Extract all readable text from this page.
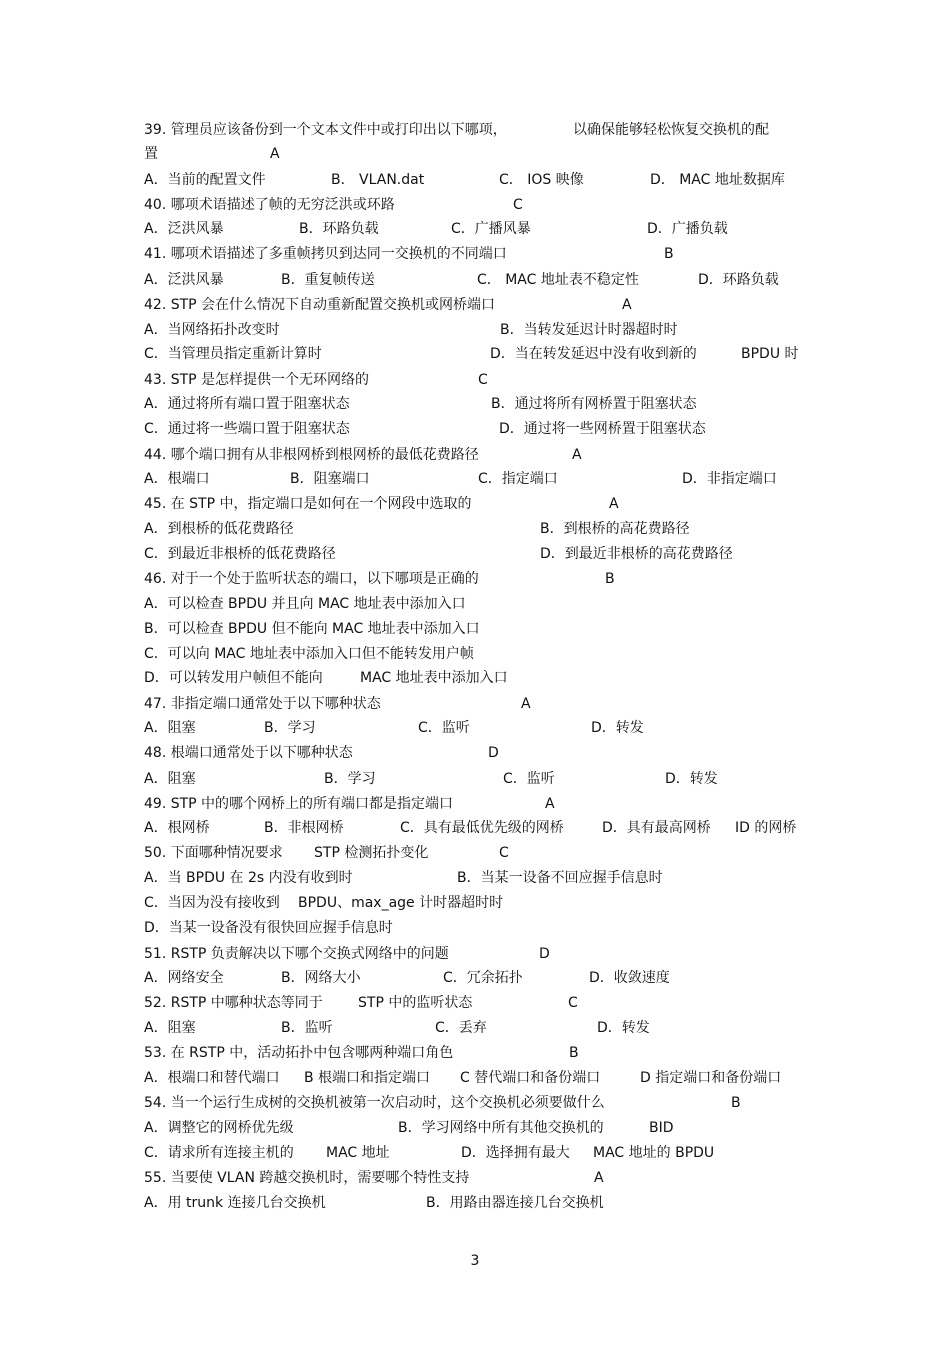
39. 管理员应该备份到一个文本文件中或打印出以下哪项，	以确保能够轻松恢复交换机的配
置	A
A．当前的配置文件	B． VLAN.dat	C． IOS 映像	D． MAC 地址数据库
40. 哪项术语描述了帧的无穷泛洪或环路	C
A．泛洪风暴	B．环路负载	C．广播风暴	D．广播负载
41. 哪项术语描述了多重帧拷贝到达同一交换机的不同端口	B
A．泛洪风暴	B．重复帧传送	C． MAC 地址表不稳定性	D．环路负载
42. STP 会在什么情况下自动重新配置交换机或网桥端口	A
A．当网络拓扑改变时	B．当转发延迟计时器超时时
C．当管理员指定重新计算时	D．当在转发延迟中没有收到新的	BPDU 时
43. STP 是怎样提供一个无环网络的	C
A．通过将所有端口置于阻塞状态	B．通过将所有网桥置于阻塞状态
C．通过将一些端口置于阻塞状态	D．通过将一些网桥置于阻塞状态
44. 哪个端口拥有从非根网桥到根网桥的最低花费路径	A
A．根端口	B．阻塞端口	C．指定端口	D．非指定端口
45. 在 STP 中，指定端口是如何在一个网段中选取的	A
A．到根桥的低花费路径	B．到根桥的高花费路径
C．到最近非根桥的低花费路径	D．到最近非根桥的高花费路径
46. 对于一个处于监听状态的端口，以下哪项是正确的	B
A．可以检查 BPDU 并且向 MAC 地址表中添加入口
B．可以检查 BPDU 但不能向 MAC 地址表中添加入口
C．可以向 MAC 地址表中添加入口但不能转发用户帧
D．可以转发用户帧但不能向	MAC 地址表中添加入口
47. 非指定端口通常处于以下哪种状态	A
A．阻塞	B．学习	C．监听	D．转发
48. 根端口通常处于以下哪种状态	D
A．阻塞	B．学习	C．监听	D．转发
49. STP 中的哪个网桥上的所有端口都是指定端口	A
A．根网桥	B．非根网桥	C．具有最低优先级的网桥	D．具有最高网桥 ID 的网桥
50. 下面哪种情况要求 STP 检测拓扑变化	C
A．当 BPDU 在 2s 内没有收到时	B．当某一设备不回应握手信息时
C．当因为没有接收到 BPDU、max_age 计时器超时时
D．当某一设备没有很快回应握手信息时
51. RSTP 负责解决以下哪个交换式网络中的问题	D
A．网络安全	B．网络大小	C．冗余拓扑	D．收敛速度
52. RSTP 中哪种状态等同于	STP 中的监听状态	C
A．阻塞	B．监听	C．丢弃	D．转发
53. 在 RSTP 中，活动拓扑中包含哪两种端口角色	B
A．根端口和替代端口 B 根端口和指定端口 C 替代端口和备份端口	D 指定端口和备份端口
54. 当一个运行生成树的交换机被第一次启动时，这个交换机必须要做什么	B
A．调整它的网桥优先级	B．学习网络中所有其他交换机的	BID
C．请求所有连接主机的 MAC 地址	D．选择拥有最大 MAC 地址的 BPDU
55. 当要使 VLAN 跨越交换机时，需要哪个特性支持	A
A．用 trunk 连接几台交换机	B．用路由器连接几台交换机
3
